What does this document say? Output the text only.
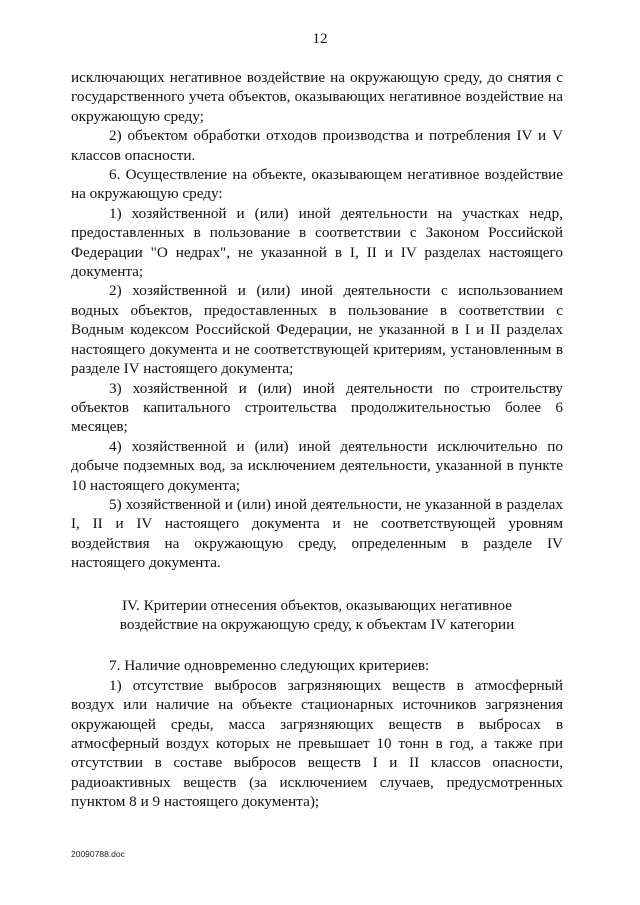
12

исключающих негативное воздействие на окружающую среду, до снятия с государственного учета объектов, оказывающих негативное воздействие на окружающую среду;

2) объектом обработки отходов производства и потребления IV и V классов опасности.

6. Осуществление на объекте, оказывающем негативное воздействие на окружающую среду:

1) хозяйственной и (или) иной деятельности на участках недр, предоставленных в пользование в соответствии с Законом Российской Федерации "О недрах", не указанной в I, II и IV разделах настоящего документа;

2) хозяйственной и (или) иной деятельности с использованием водных объектов, предоставленных в пользование в соответствии с Водным кодексом Российской Федерации, не указанной в I и II разделах настоящего документа и не соответствующей критериям, установленным в разделе IV настоящего документа;

3) хозяйственной и (или) иной деятельности по строительству объектов капитального строительства продолжительностью более 6 месяцев;

4) хозяйственной и (или) иной деятельности исключительно по добыче подземных вод, за исключением деятельности, указанной в пункте 10 настоящего документа;

5) хозяйственной и (или) иной деятельности, не указанной в разделах I, II и IV настоящего документа и не соответствующей уровням воздействия на окружающую среду, определенным в разделе IV настоящего документа.

IV. Критерии отнесения объектов, оказывающих негативное
воздействие на окружающую среду, к объектам IV категории

7. Наличие одновременно следующих критериев:

1) отсутствие выбросов загрязняющих веществ в атмосферный воздух или наличие на объекте стационарных источников загрязнения окружающей среды, масса загрязняющих веществ в выбросах в атмосферный воздух которых не превышает 10 тонн в год, а также при отсутствии в составе выбросов веществ I и II классов опасности, радиоактивных веществ (за исключением случаев, предусмотренных пунктом 8 и 9 настоящего документа);

20090788.doc
